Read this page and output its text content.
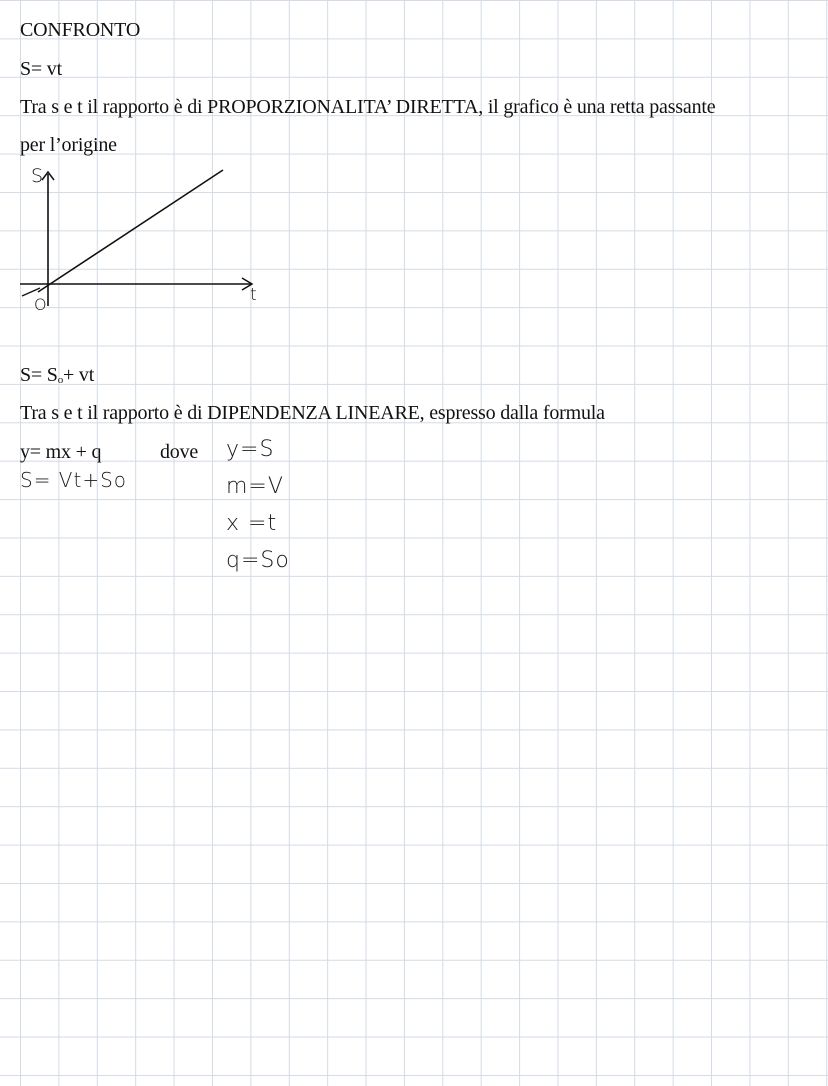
CONFRONTO
S= vt
Tra s e t il rapporto è di PROPORZIONALITA’ DIRETTA, il grafico è una retta passante
per l’origine
S
t
O
$S= S_o+$ vt
Tra s e t il rapporto è di DIPENDENZA LINEARE, espresso dalla formula
y= mx + q	dove
S= Vt+So
y=S
m=V
x =t
q=So
